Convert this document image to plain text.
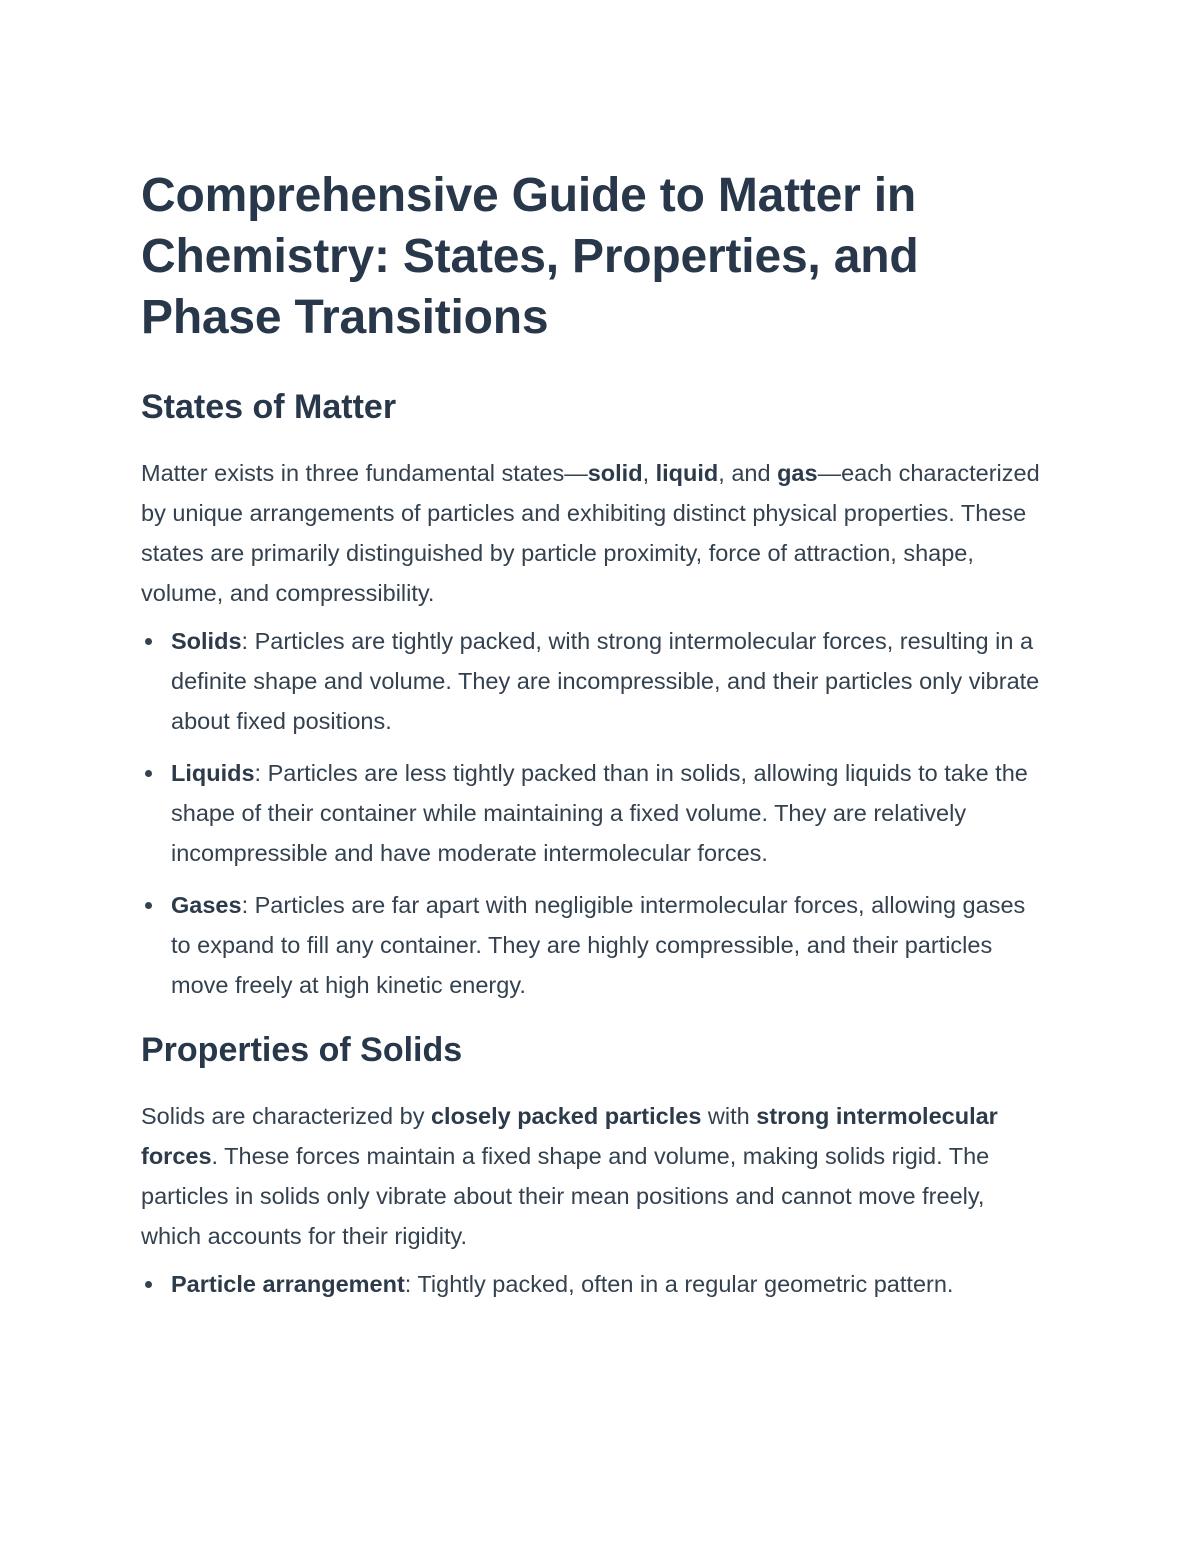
Comprehensive Guide to Matter in Chemistry: States, Properties, and Phase Transitions
States of Matter

Matter exists in three fundamental states—solid, liquid, and gas—each characterized by unique arrangements of particles and exhibiting distinct physical properties. These states are primarily distinguished by particle proximity, force of attraction, shape, volume, and compressibility.

Solids: Particles are tightly packed, with strong intermolecular forces, resulting in a definite shape and volume. They are incompressible, and their particles only vibrate about fixed positions.
Liquids: Particles are less tightly packed than in solids, allowing liquids to take the shape of their container while maintaining a fixed volume. They are relatively incompressible and have moderate intermolecular forces.
Gases: Particles are far apart with negligible intermolecular forces, allowing gases to expand to fill any container. They are highly compressible, and their particles move freely at high kinetic energy.
Properties of Solids

Solids are characterized by closely packed particles with strong intermolecular forces. These forces maintain a fixed shape and volume, making solids rigid. The particles in solids only vibrate about their mean positions and cannot move freely, which accounts for their rigidity.

Particle arrangement: Tightly packed, often in a regular geometric pattern.
